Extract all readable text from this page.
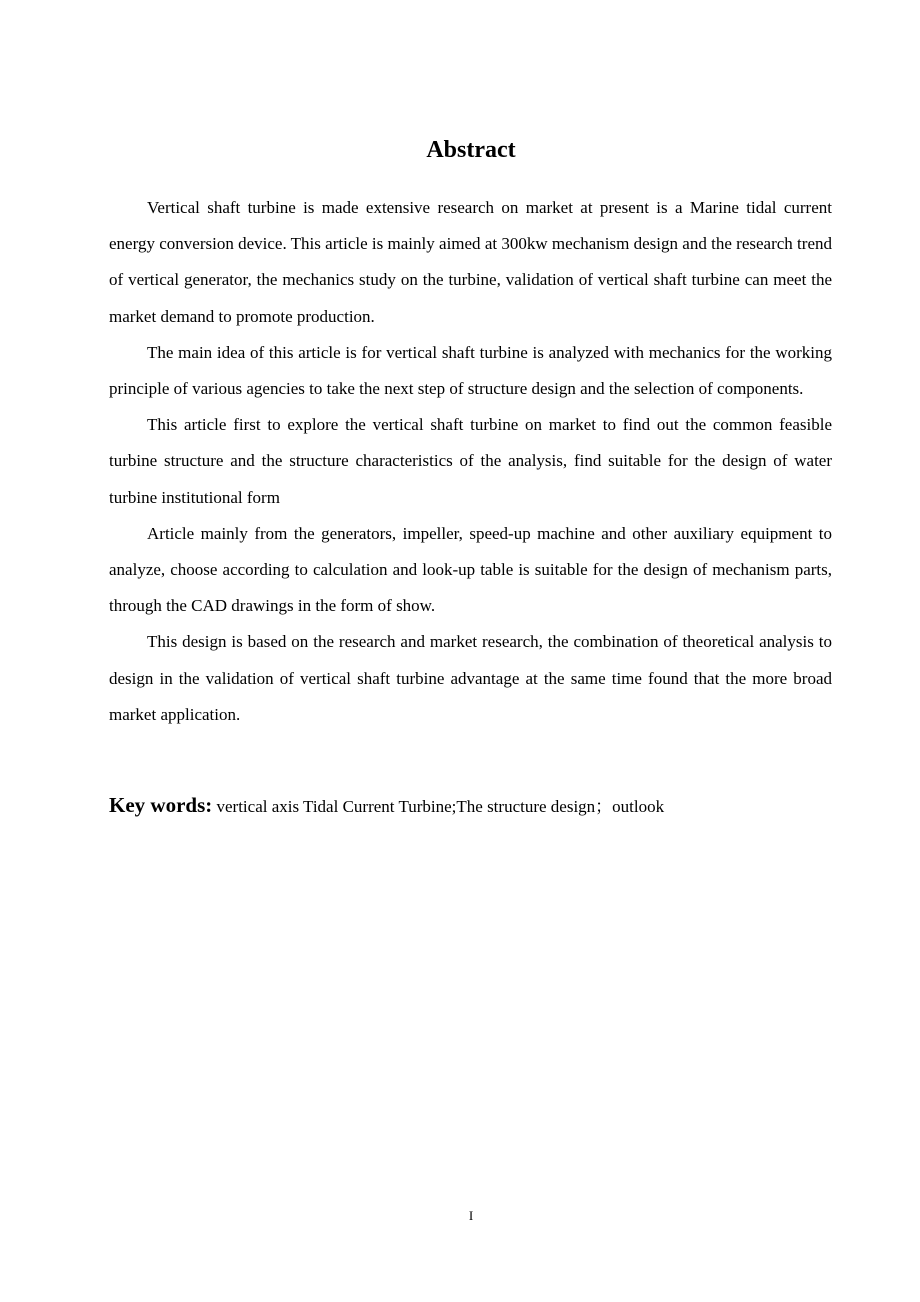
Abstract

Vertical shaft turbine is made extensive research on market at present is a Marine tidal current energy conversion device. This article is mainly aimed at 300kw mechanism design and the research trend of vertical generator, the mechanics study on the turbine, validation of vertical shaft turbine can meet the market demand to promote production.

The main idea of this article is for vertical shaft turbine is analyzed with mechanics for the working principle of various agencies to take the next step of structure design and the selection of components.

This article first to explore the vertical shaft turbine on market to find out the common feasible turbine structure and the structure characteristics of the analysis, find suitable for the design of water turbine institutional form

Article mainly from the generators, impeller, speed-up machine and other auxiliary equipment to analyze, choose according to calculation and look-up table is suitable for the design of mechanism parts, through the CAD drawings in the form of show.

This design is based on the research and market research, the combination of theoretical analysis to design in the validation of vertical shaft turbine advantage at the same time found that the more broad market application.

Key words: vertical axis Tidal Current Turbine;The structure design；outlook

I
